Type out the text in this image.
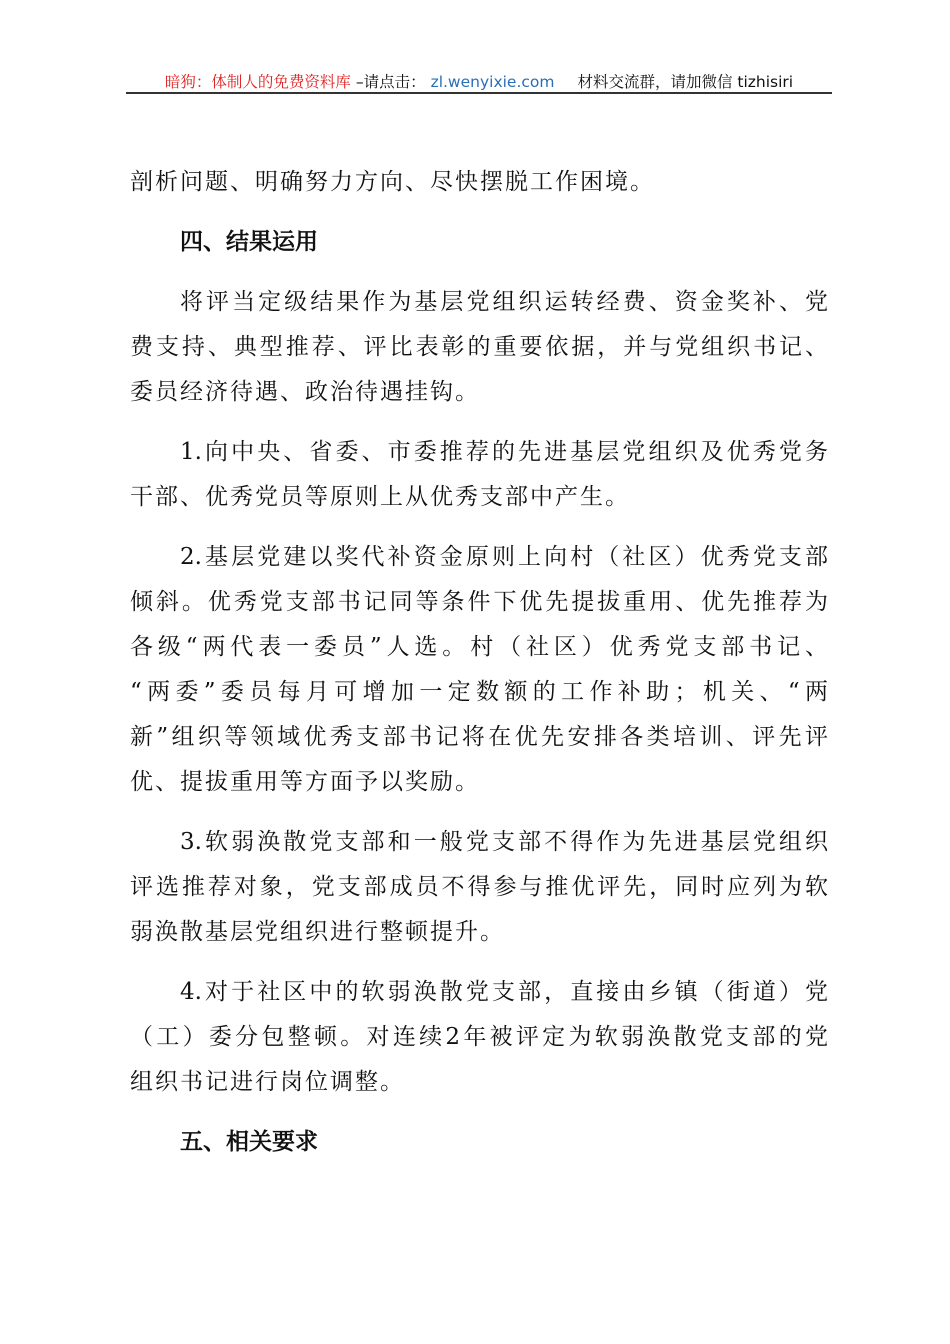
暗狗：体制人的免费资料库 –请点击： zl.wenyixie.com 材料交流群，请加微信 tizhisiri
剖析问题、明确努力方向、尽快摆脱工作困境。
四、结果运用
将评当定级结果作为基层党组织运转经费、资金奖补、党
费支持、典型推荐、评比表彰的重要依据，并与党组织书记、
委员经济待遇、政治待遇挂钩。
1.向中央、省委、市委推荐的先进基层党组织及优秀党务
干部、优秀党员等原则上从优秀支部中产生。
2.基层党建以奖代补资金原则上向村（社区）优秀党支部
倾斜。优秀党支部书记同等条件下优先提拔重用、优先推荐为
各级“两代表一委员”人选。村（社区）优秀党支部书记、
“两委”委员每月可增加一定数额的工作补助；机关、“两
新”组织等领域优秀支部书记将在优先安排各类培训、评先评
优、提拔重用等方面予以奖励。
3.软弱涣散党支部和一般党支部不得作为先进基层党组织
评选推荐对象，党支部成员不得参与推优评先，同时应列为软
弱涣散基层党组织进行整顿提升。
4.对于社区中的软弱涣散党支部，直接由乡镇（街道）党
（工）委分包整顿。对连续2年被评定为软弱涣散党支部的党
组织书记进行岗位调整。
五、相关要求
